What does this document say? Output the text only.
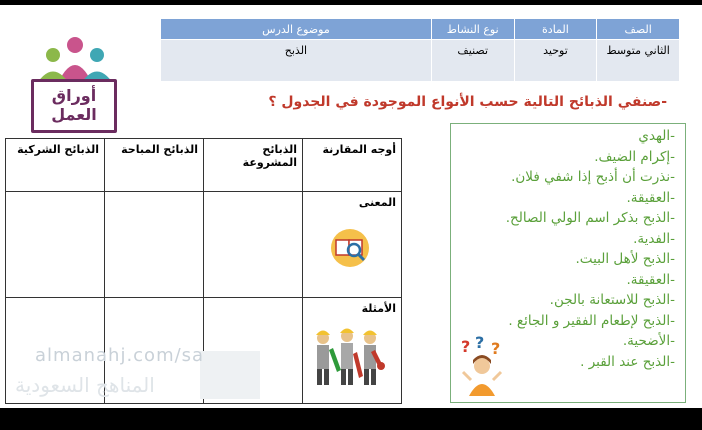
الصف	المادة	نوع النشاط	موضوع الدرس
الثاني متوسط	توحيد	تصنيف	الذبح
أوراق العمل
-صنفي الذبائح التالية حسب الأنواع الموجودة في الجدول ؟
أوجه المقارنة	الذبائح المشروعة	الذبائح المباحة	الذبائح الشركية
المعنى

الأمثلة

-الهدي
-إكرام الضيف.
-نذرت أن أذبح إذا شفي فلان.
-العقيقة.
-الذبح بذكر اسم الولي الصالح.
-الفدية.
-الذبح لأهل البيت.
-العقيقة.
-الذبح للاستعانة بالجن.
-الذبح لإطعام الفقير و الجائع .
-الأضحية.
-الذبح عند القبر .
? ? ?
almanahj.com/sa
المناهج السعودية
